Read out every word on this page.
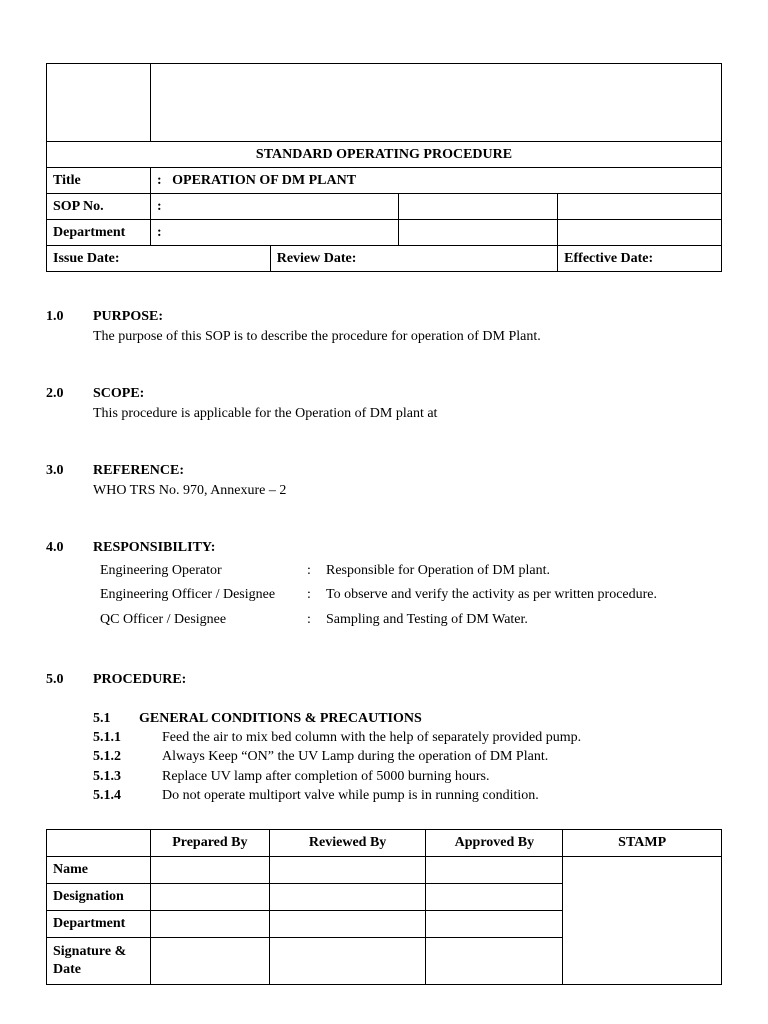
STANDARD OPERATING PROCEDURE				
Title	: OPERATION OF DM PLANT			
SOP No.	:			
Department	:			
Issue Date:		Review Date:		Effective Date:
1.0 PURPOSE:
The purpose of this SOP is to describe the procedure for operation of DM Plant.
2.0 SCOPE:
This procedure is applicable for the Operation of DM plant at
3.0 REFERENCE:
WHO TRS No. 970, Annexure – 2
4.0 RESPONSIBILITY:
Engineering Operator	: Responsible for Operation of DM plant.
Engineering Officer / Designee : To observe and verify the activity as per written procedure.
QC Officer / Designee	: Sampling and Testing of DM Water.
5.0 PROCEDURE:
5.1 GENERAL CONDITIONS & PRECAUTIONS
5.1.1	Feed the air to mix bed column with the help of separately provided pump.
5.1.2	Always Keep “ON” the UV Lamp during the operation of DM Plant.
5.1.3	Replace UV lamp after completion of 5000 burning hours.
5.1.4	Do not operate multiport valve while pump is in running condition.
	Prepared By	Reviewed By	Approved By	STAMP
Name				
Designation				
Department				
Signature & Date				
